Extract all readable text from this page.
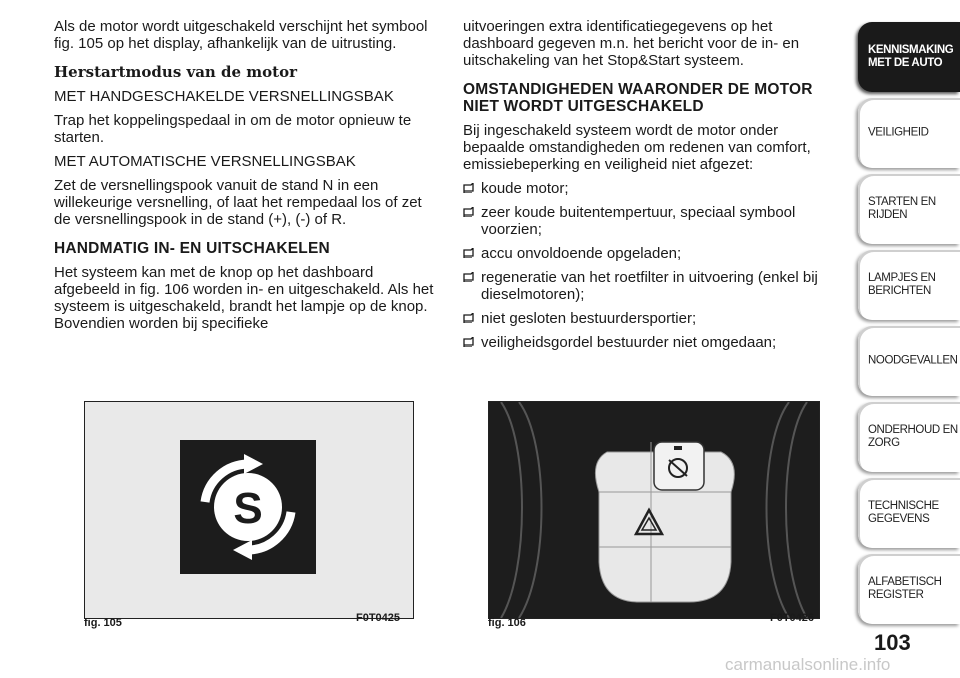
Als de motor wordt uitgeschakeld verschijnt het symbool fig. 105 op het display, afhankelijk van de uitrusting.

Herstartmodus van de motor

MET HANDGESCHAKELDE VERSNELLINGSBAK

Trap het koppelingspedaal in om de motor opnieuw te starten.

MET AUTOMATISCHE VERSNELLINGSBAK

Zet de versnellingspook vanuit de stand N in een willekeurige versnelling, of laat het rempedaal los of zet de versnellingspook in de stand (+), (-) of R.

HANDMATIG IN- EN UITSCHAKELEN

Het systeem kan met de knop op het dashboard afgebeeld in fig. 106 worden in- en uitgeschakeld. Als het systeem is uitgeschakeld, brandt het lampje op de knop. Bovendien worden bij specifieke

uitvoeringen extra identificatiegegevens op het dashboard gegeven m.n. het bericht voor de in- en uitschakeling van het Stop&Start systeem.

OMSTANDIGHEDEN WAARONDER DE MOTOR NIET WORDT UITGESCHAKELD

Bij ingeschakeld systeem wordt de motor onder bepaalde omstandigheden om redenen van comfort, emissiebeperking en veiligheid niet afgezet:

koude motor;
zeer koude buitentempertuur, speciaal symbool voorzien;
accu onvoldoende opgeladen;
regeneratie van het roetfilter in uitvoering (enkel bij dieselmotoren);
niet gesloten bestuurdersportier;
veiligheidsgordel bestuurder niet omgedaan;
S
fig. 105	F0T0425	fig. 106	F0T0426
KENNISMAKING
MET DE AUTO
VEILIGHEID
STARTEN EN RIJDEN
LAMPJES EN
BERICHTEN
NOODGEVALLEN
ONDERHOUD EN
ZORG
TECHNISCHE
GEGEVENS
ALFABETISCH
REGISTER
103
carmanualsonline.info
